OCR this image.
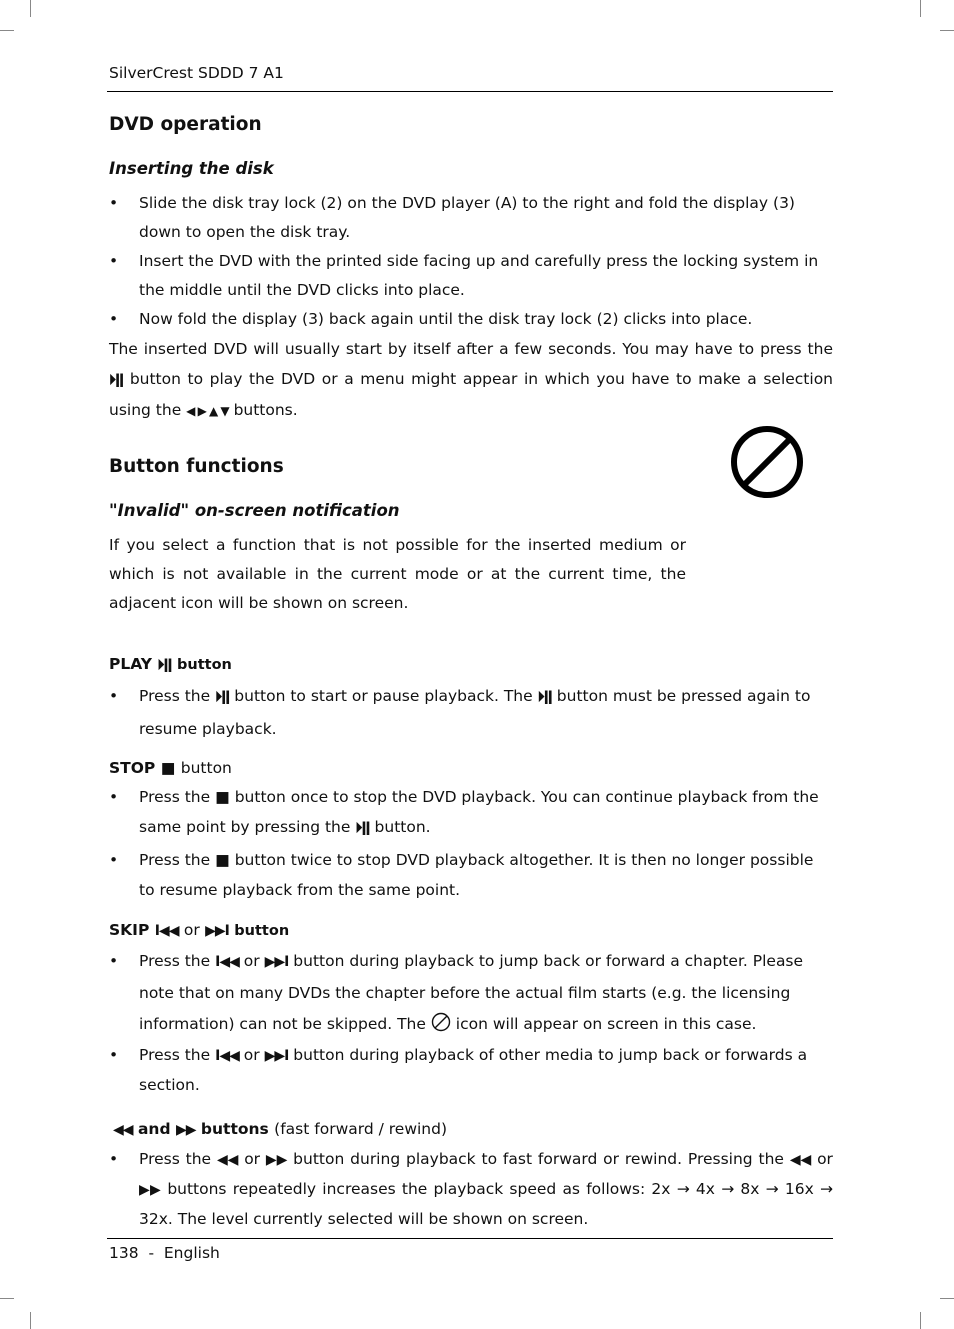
SilverCrest SDDD 7 A1
DVD operation
Inserting the disk
• Slide the disk tray lock (2) on the DVD player (A) to the right and fold the display (3) down to open the disk tray.
• Insert the DVD with the printed side facing up and carefully press the locking system in the middle until the DVD clicks into place.
• Now fold the display (3) back again until the disk tray lock (2) clicks into place.

The inserted DVD will usually start by itself after a few seconds. You may have to press the ⏵ǁ button to play the DVD or a menu might appear in which you have to make a selection using the ◀ ▶ ▲ ▼ buttons.

Button functions
"Invalid" on-screen notification

If you select a function that is not possible for the inserted medium or which is not available in the current mode or at the current time, the adjacent icon will be shown on screen.

PLAY ⏵ǁ button
• Press the ⏵ǁ button to start or pause playback. The ⏵ǁ button must be pressed again to resume playback.
STOP ■ button
• Press the ■ button once to stop the DVD playback. You can continue playback from the same point by pressing the ⏵ǁ button.
• Press the ■ button twice to stop DVD playback altogether. It is then no longer possible to resume playback from the same point.
SKIP I◀◀ or ▶▶I button
• Press the I◀◀ or ▶▶I button during playback to jump back or forward a chapter. Please note that on many DVDs the chapter before the actual film starts (e.g. the licensing information) can not be skipped. The icon will appear on screen in this case.
• Press the I◀◀ or ▶▶I button during playback of other media to jump back or forwards a section.
◀◀ and ▶▶ buttons (fast forward / rewind)
• Press the ◀◀ or ▶▶ button during playback to fast forward or rewind. Pressing the ◀◀ or ▶▶ buttons repeatedly increases the playback speed as follows: 2x → 4x → 8x → 16x → 32x. The level currently selected will be shown on screen.
138  -  English
